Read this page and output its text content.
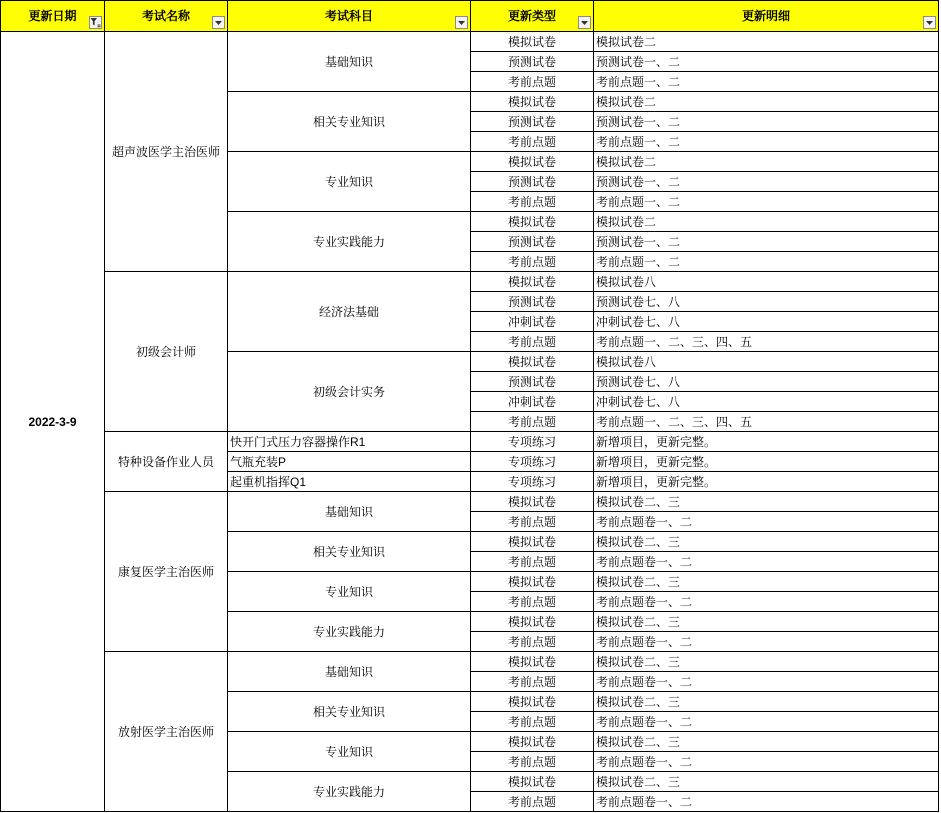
更新日期	考试名称	考试科目	更新类型	更新明细

2022-3-9	超声波医学主治医师	基础知识	模拟试卷	模拟试卷二
			预测试卷	预测试卷一、二
			考前点题	考前点题一、二
		相关专业知识	模拟试卷	模拟试卷二
			预测试卷	预测试卷一、二
			考前点题	考前点题一、二
		专业知识	模拟试卷	模拟试卷二
			预测试卷	预测试卷一、二
			考前点题	考前点题一、二
		专业实践能力	模拟试卷	模拟试卷二
			预测试卷	预测试卷一、二
			考前点题	考前点题一、二
	初级会计师	经济法基础	模拟试卷	模拟试卷八
			预测试卷	预测试卷七、八
			冲刺试卷	冲刺试卷七、八
			考前点题	考前点题一、二、三、四、五
		初级会计实务	模拟试卷	模拟试卷八
			预测试卷	预测试卷七、八
			冲刺试卷	冲刺试卷七、八
			考前点题	考前点题一、二、三、四、五
	特种设备作业人员	快开门式压力容器操作R1	专项练习	新增项目，更新完整。
		气瓶充装P	专项练习	新增项目，更新完整。
		起重机指挥Q1	专项练习	新增项目，更新完整。
	康复医学主治医师	基础知识	模拟试卷	模拟试卷二、三
			考前点题	考前点题卷一、二
		相关专业知识	模拟试卷	模拟试卷二、三
			考前点题	考前点题卷一、二
		专业知识	模拟试卷	模拟试卷二、三
			考前点题	考前点题卷一、二
		专业实践能力	模拟试卷	模拟试卷二、三
			考前点题	考前点题卷一、二
	放射医学主治医师	基础知识	模拟试卷	模拟试卷二、三
			考前点题	考前点题卷一、二
		相关专业知识	模拟试卷	模拟试卷二、三
			考前点题	考前点题卷一、二
		专业知识	模拟试卷	模拟试卷二、三
			考前点题	考前点题卷一、二
		专业实践能力	模拟试卷	模拟试卷二、三
			考前点题	考前点题卷一、二
